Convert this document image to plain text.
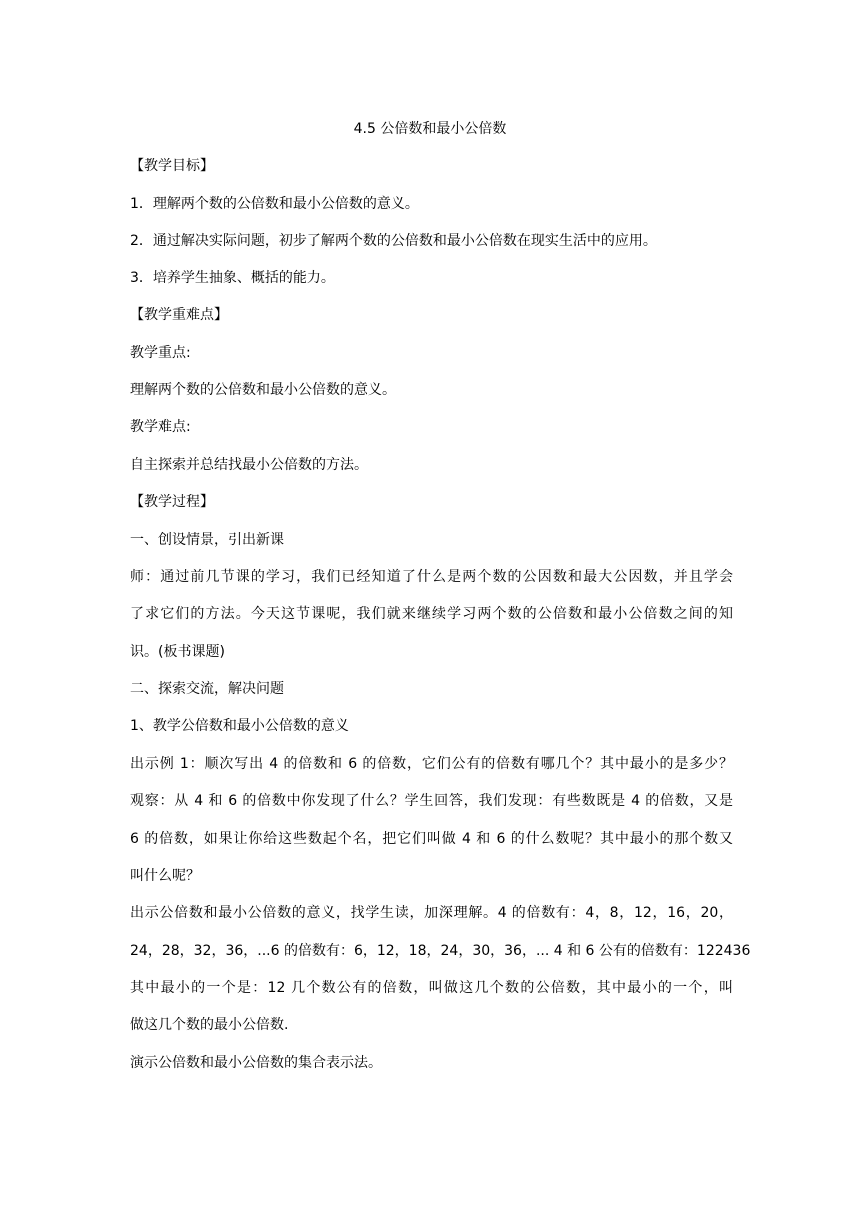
4.5 公倍数和最小公倍数
【教学目标】
1．理解两个数的公倍数和最小公倍数的意义。
2．通过解决实际问题，初步了解两个数的公倍数和最小公倍数在现实生活中的应用。
3．培养学生抽象、概括的能力。
【教学重难点】
教学重点:
理解两个数的公倍数和最小公倍数的意义。
教学难点:
自主探索并总结找最小公倍数的方法。
【教学过程】
一、创设情景，引出新课
师：通过前几节课的学习，我们已经知道了什么是两个数的公因数和最大公因数，并且学会
了求它们的方法。今天这节课呢，我们就来继续学习两个数的公倍数和最小公倍数之间的知
识。(板书课题)
二、探索交流，解决问题
1、教学公倍数和最小公倍数的意义
出示例 1：顺次写出 4 的倍数和 6 的倍数，它们公有的倍数有哪几个？其中最小的是多少？
观察：从 4 和 6 的倍数中你发现了什么？学生回答，我们发现：有些数既是 4 的倍数，又是
6 的倍数，如果让你给这些数起个名，把它们叫做 4 和 6 的什么数呢？其中最小的那个数又
叫什么呢？
出示公倍数和最小公倍数的意义，找学生读，加深理解。4 的倍数有：4，8，12，16，20，
24，28，32，36，...6 的倍数有：6，12，18，24，30，36，... 4 和 6 公有的倍数有：122436
其中最小的一个是：12 几个数公有的倍数，叫做这几个数的公倍数，其中最小的一个，叫
做这几个数的最小公倍数.
演示公倍数和最小公倍数的集合表示法。
